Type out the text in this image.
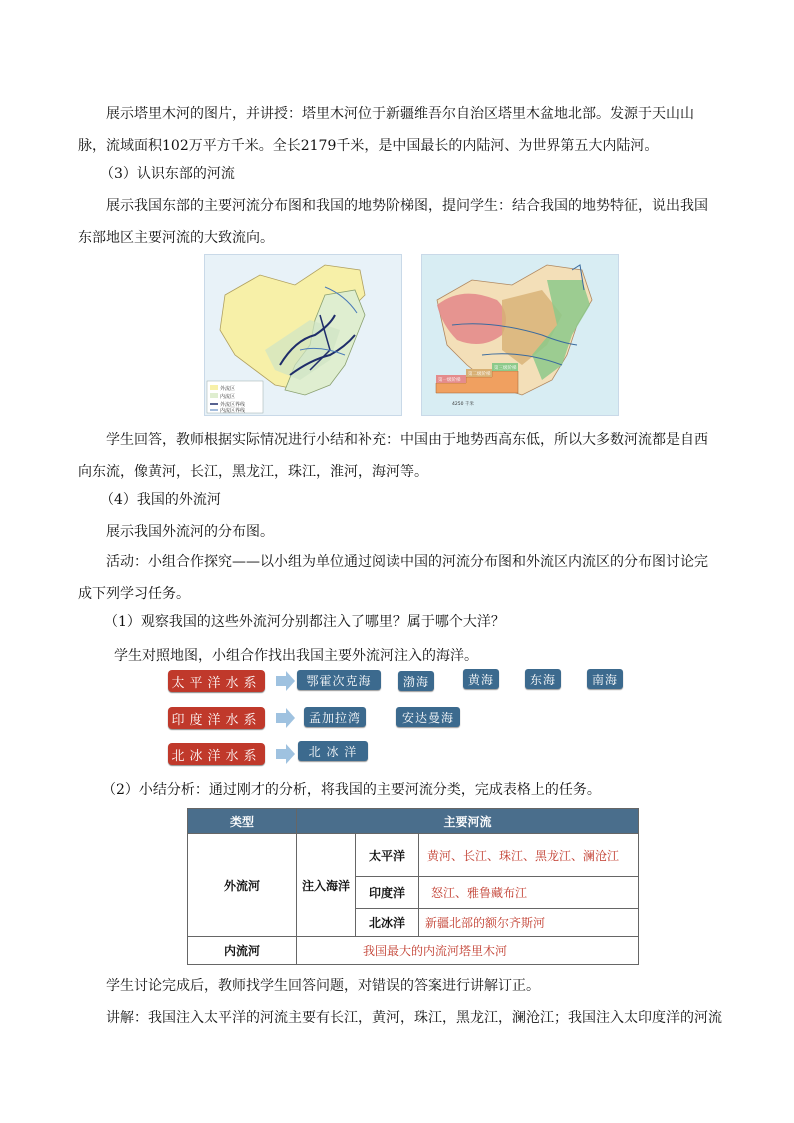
展示塔里木河的图片，并讲授：塔里木河位于新疆维吾尔自治区塔里木盆地北部。发源于天山山脉，流域面积102万平方千米。全长2179千米，是中国最长的内陆河、为世界第五大内陆河。

（3）认识东部的河流

展示我国东部的主要河流分布图和我国的地势阶梯图，提问学生：结合我国的地势特征，说出我国东部地区主要河流的大致流向。

外流区
内流区
外流区界线
内流区界线
第一级阶梯
第二级阶梯
第三级阶梯
4250 千米

学生回答，教师根据实际情况进行小结和补充：中国由于地势西高东低，所以大多数河流都是自西向东流，像黄河，长江，黑龙江，珠江，淮河，海河等。

（4）我国的外流河

展示我国外流河的分布图。

活动：小组合作探究——以小组为单位通过阅读中国的河流分布图和外流区内流区的分布图讨论完成下列学习任务。

（1）观察我国的这些外流河分别都注入了哪里？属于哪个大洋？

学生对照地图，小组合作找出我国主要外流河注入的海洋。

太平洋水系	鄂霍次克海	渤海	黄海	东海	南海
印度洋水系	孟加拉湾	安达曼海
北冰洋水系	北 冰 洋

（2）小结分析：通过刚才的分析，将我国的主要河流分类，完成表格上的任务。

类型	主要河流		
外流河	注入海洋	太平洋	黄河、长江、珠江、黑龙江、澜沧江
		印度洋	怒江、雅鲁藏布江
		北冰洋	新疆北部的额尔齐斯河
内流河	我国最大的内流河塔里木河		

学生讨论完成后，教师找学生回答问题，对错误的答案进行讲解订正。

讲解：我国注入太平洋的河流主要有长江，黄河，珠江，黑龙江，澜沧江；我国注入太印度洋的河流
